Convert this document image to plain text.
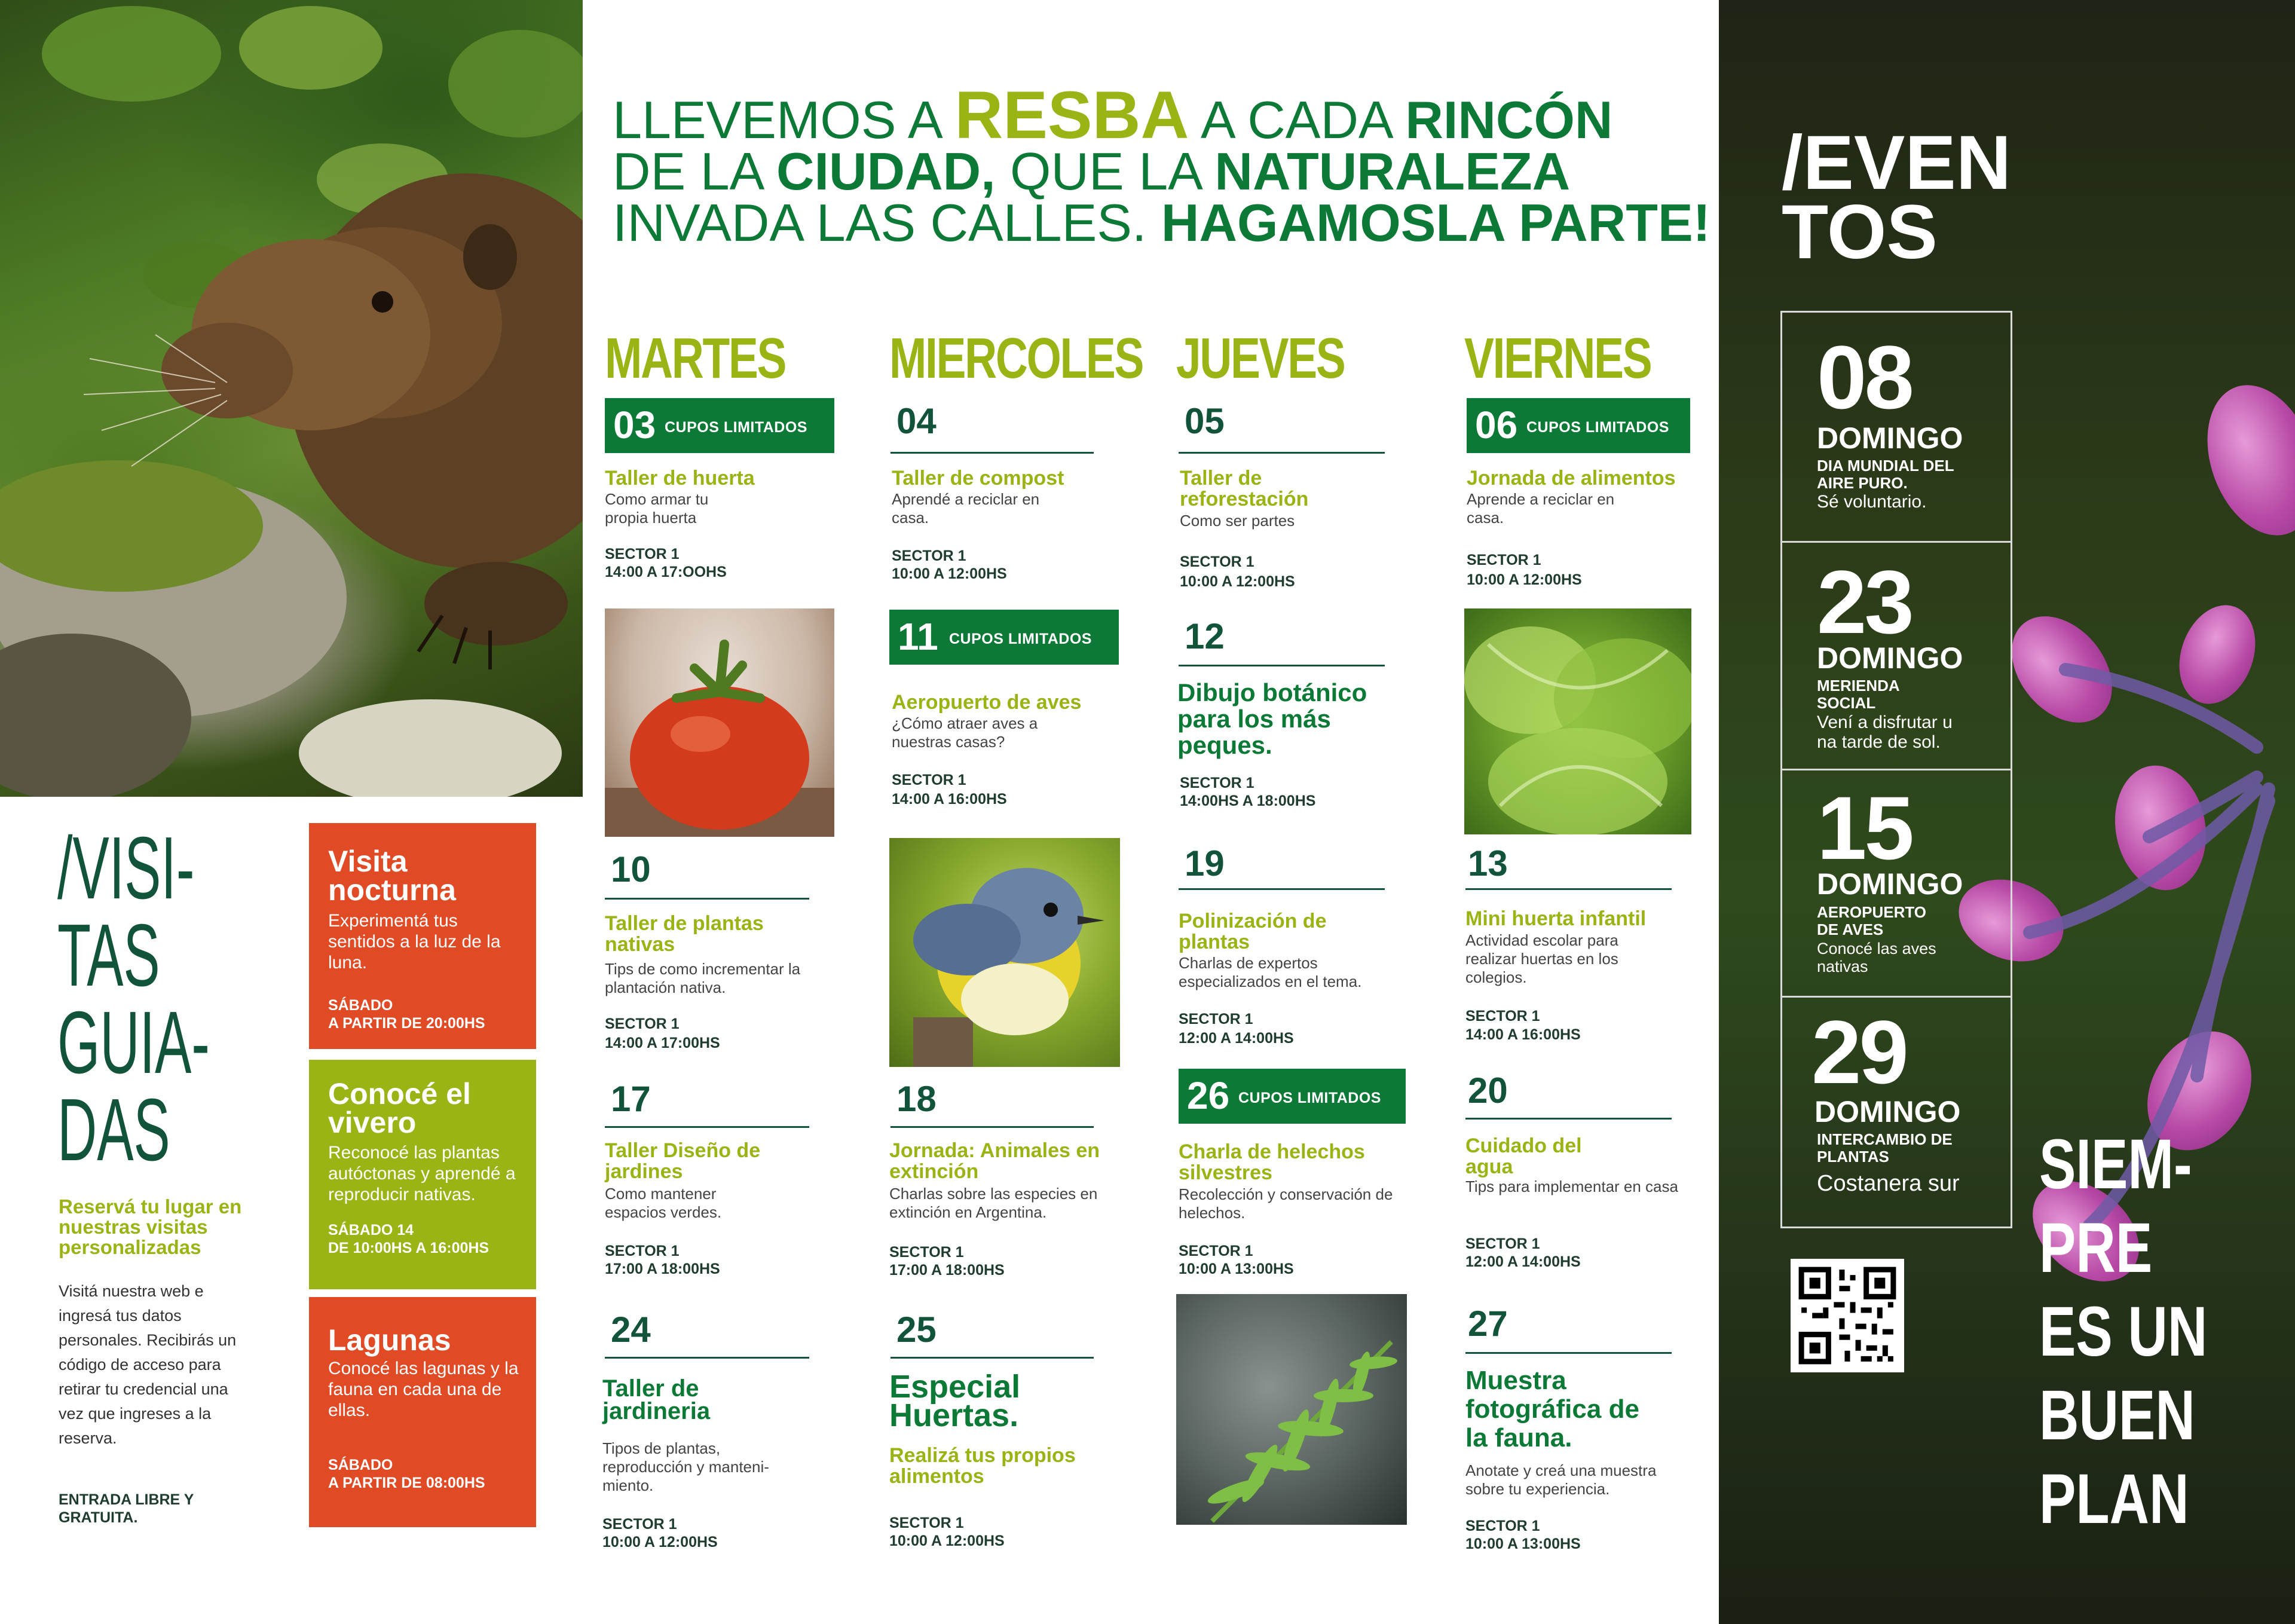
LLEVEMOS A RESBA A CADA RINCÓN
DE LA CIUDAD, QUE LA NATURALEZA
INVADA LAS CALLES. HAGAMOSLA PARTE!
MARTES MIERCOLES JUEVES VIERNES
03 CUPOS LIMITADOS
Taller de huerta
Como armar tu propia huerta
SECTOR 1
14:00 A 17:OOHS
04
Taller de compost
Aprendé a reciclar en casa.
SECTOR 1
10:00 A 12:00HS
05
Taller de reforestación
Como ser partes
SECTOR 1
10:00 A 12:00HS
06 CUPOS LIMITADOS
Jornada de alimentos
Aprende a reciclar en casa.
SECTOR 1
10:00 A 12:00HS
11 CUPOS LIMITADOS
Aeropuerto de aves
¿Cómo atraer aves a nuestras casas?
SECTOR 1
14:00 A 16:00HS
12
Dibujo botánico para los más peques.
SECTOR 1
14:00HS A 18:00HS
10
Taller de plantas nativas
Tips de como incrementar la plantación nativa.
SECTOR 1
14:00 A 17:00HS
13
Mini huerta infantil
Actividad escolar para realizar huertas en los colegios.
SECTOR 1
14:00 A 16:00HS
19
Polinización de plantas
Charlas de expertos especializados en el tema.
SECTOR 1
12:00 A 14:00HS
26 CUPOS LIMITADOS
Charla de helechos silvestres
Recolección y conservación de helechos.
SECTOR 1
10:00 A 13:00HS
17
Taller Diseño de jardines
Como mantener espacios verdes.
SECTOR 1
17:00 A 18:00HS
18
Jornada: Animales en extinción
Charlas sobre las especies en extinción en Argentina.
SECTOR 1
17:00 A 18:00HS
20
Cuidado del agua
Tips para implementar en casa
SECTOR 1
12:00 A 14:00HS
24
Taller de jardineria
Tipos de plantas, reproducción y manteni-miento.
SECTOR 1
10:00 A 12:00HS
25
Especial Huertas.
Realizá tus propios alimentos
SECTOR 1
10:00 A 12:00HS
27
Muestra fotográfica de la fauna.
Anotate y creá una muestra sobre tu experiencia.
SECTOR 1
10:00 A 13:00HS
/VISI-
TAS
GUIA-
DAS
Reservá tu lugar en nuestras visitas personalizadas
Visitá nuestra web e ingresá tus datos personales. Recibirás un código de acceso para retirar tu credencial una vez que ingreses a la reserva.
ENTRADA LIBRE Y GRATUITA.
Visita nocturna
Experimentá tus sentidos a la luz de la luna.
SÁBADO
A PARTIR DE 20:00HS
Conocé el vivero
Reconocé las plantas autóctonas y aprendé a reproducir nativas.
SÁBADO 14
DE 10:00HS A 16:00HS
Lagunas
Conocé las lagunas y la fauna en cada una de ellas.
SÁBADO
A PARTIR DE 08:00HS
/EVEN
TOS
08
DOMINGO
DIA MUNDIAL DEL AIRE PURO.
Sé voluntario.
23
DOMINGO
MERIENDA SOCIAL
Vení a disfrutar u na tarde de sol.
15
DOMINGO
AEROPUERTO DE AVES
Conocé las aves nativas
29
DOMINGO
INTERCAMBIO DE PLANTAS
Costanera sur SIEM-
PRE
ES UN
BUEN
PLAN
